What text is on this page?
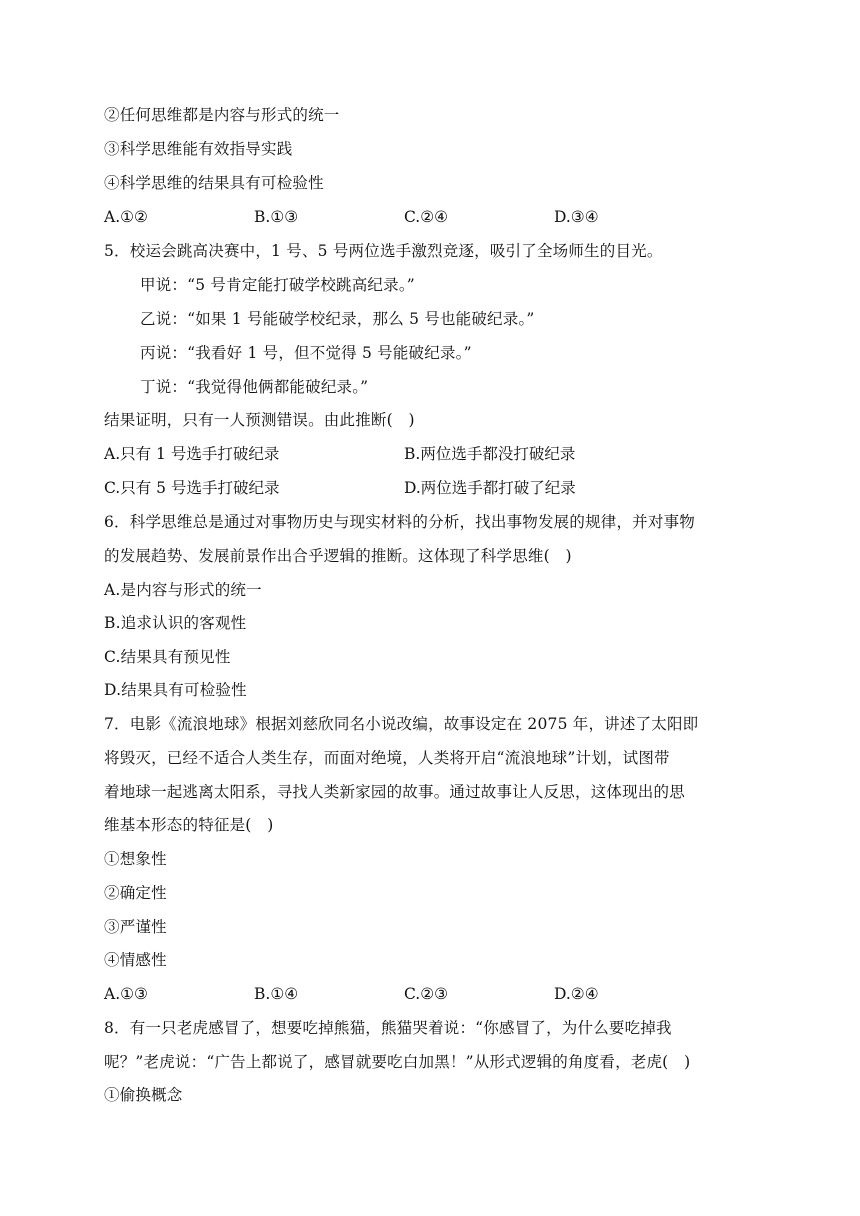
②任何思维都是内容与形式的统一
③科学思维能有效指导实践
④科学思维的结果具有可检验性
A.①②	B.①③	C.②④	D.③④
5．校运会跳高决赛中，1 号、5 号两位选手激烈竞逐，吸引了全场师生的目光。
甲说：“5 号肯定能打破学校跳高纪录。”
乙说：“如果 1 号能破学校纪录，那么 5 号也能破纪录。”
丙说：“我看好 1 号，但不觉得 5 号能破纪录。”
丁说：“我觉得他俩都能破纪录。”
结果证明，只有一人预测错误。由此推断(　)
A.只有 1 号选手打破纪录	B.两位选手都没打破纪录
C.只有 5 号选手打破纪录	D.两位选手都打破了纪录
6．科学思维总是通过对事物历史与现实材料的分析，找出事物发展的规律，并对事物
的发展趋势、发展前景作出合乎逻辑的推断。这体现了科学思维(　)
A.是内容与形式的统一
B.追求认识的客观性
C.结果具有预见性
D.结果具有可检验性
7．电影《流浪地球》根据刘慈欣同名小说改编，故事设定在 2075 年，讲述了太阳即
将毁灭，已经不适合人类生存，而面对绝境，人类将开启“流浪地球”计划，试图带
着地球一起逃离太阳系，寻找人类新家园的故事。通过故事让人反思，这体现出的思
维基本形态的特征是(　)
①想象性
②确定性
③严谨性
④情感性
A.①③	B.①④	C.②③	D.②④
8．有一只老虎感冒了，想要吃掉熊猫，熊猫哭着说：“你感冒了，为什么要吃掉我
呢？”老虎说：“广告上都说了，感冒就要吃白加黑！”从形式逻辑的角度看，老虎(　)
①偷换概念
